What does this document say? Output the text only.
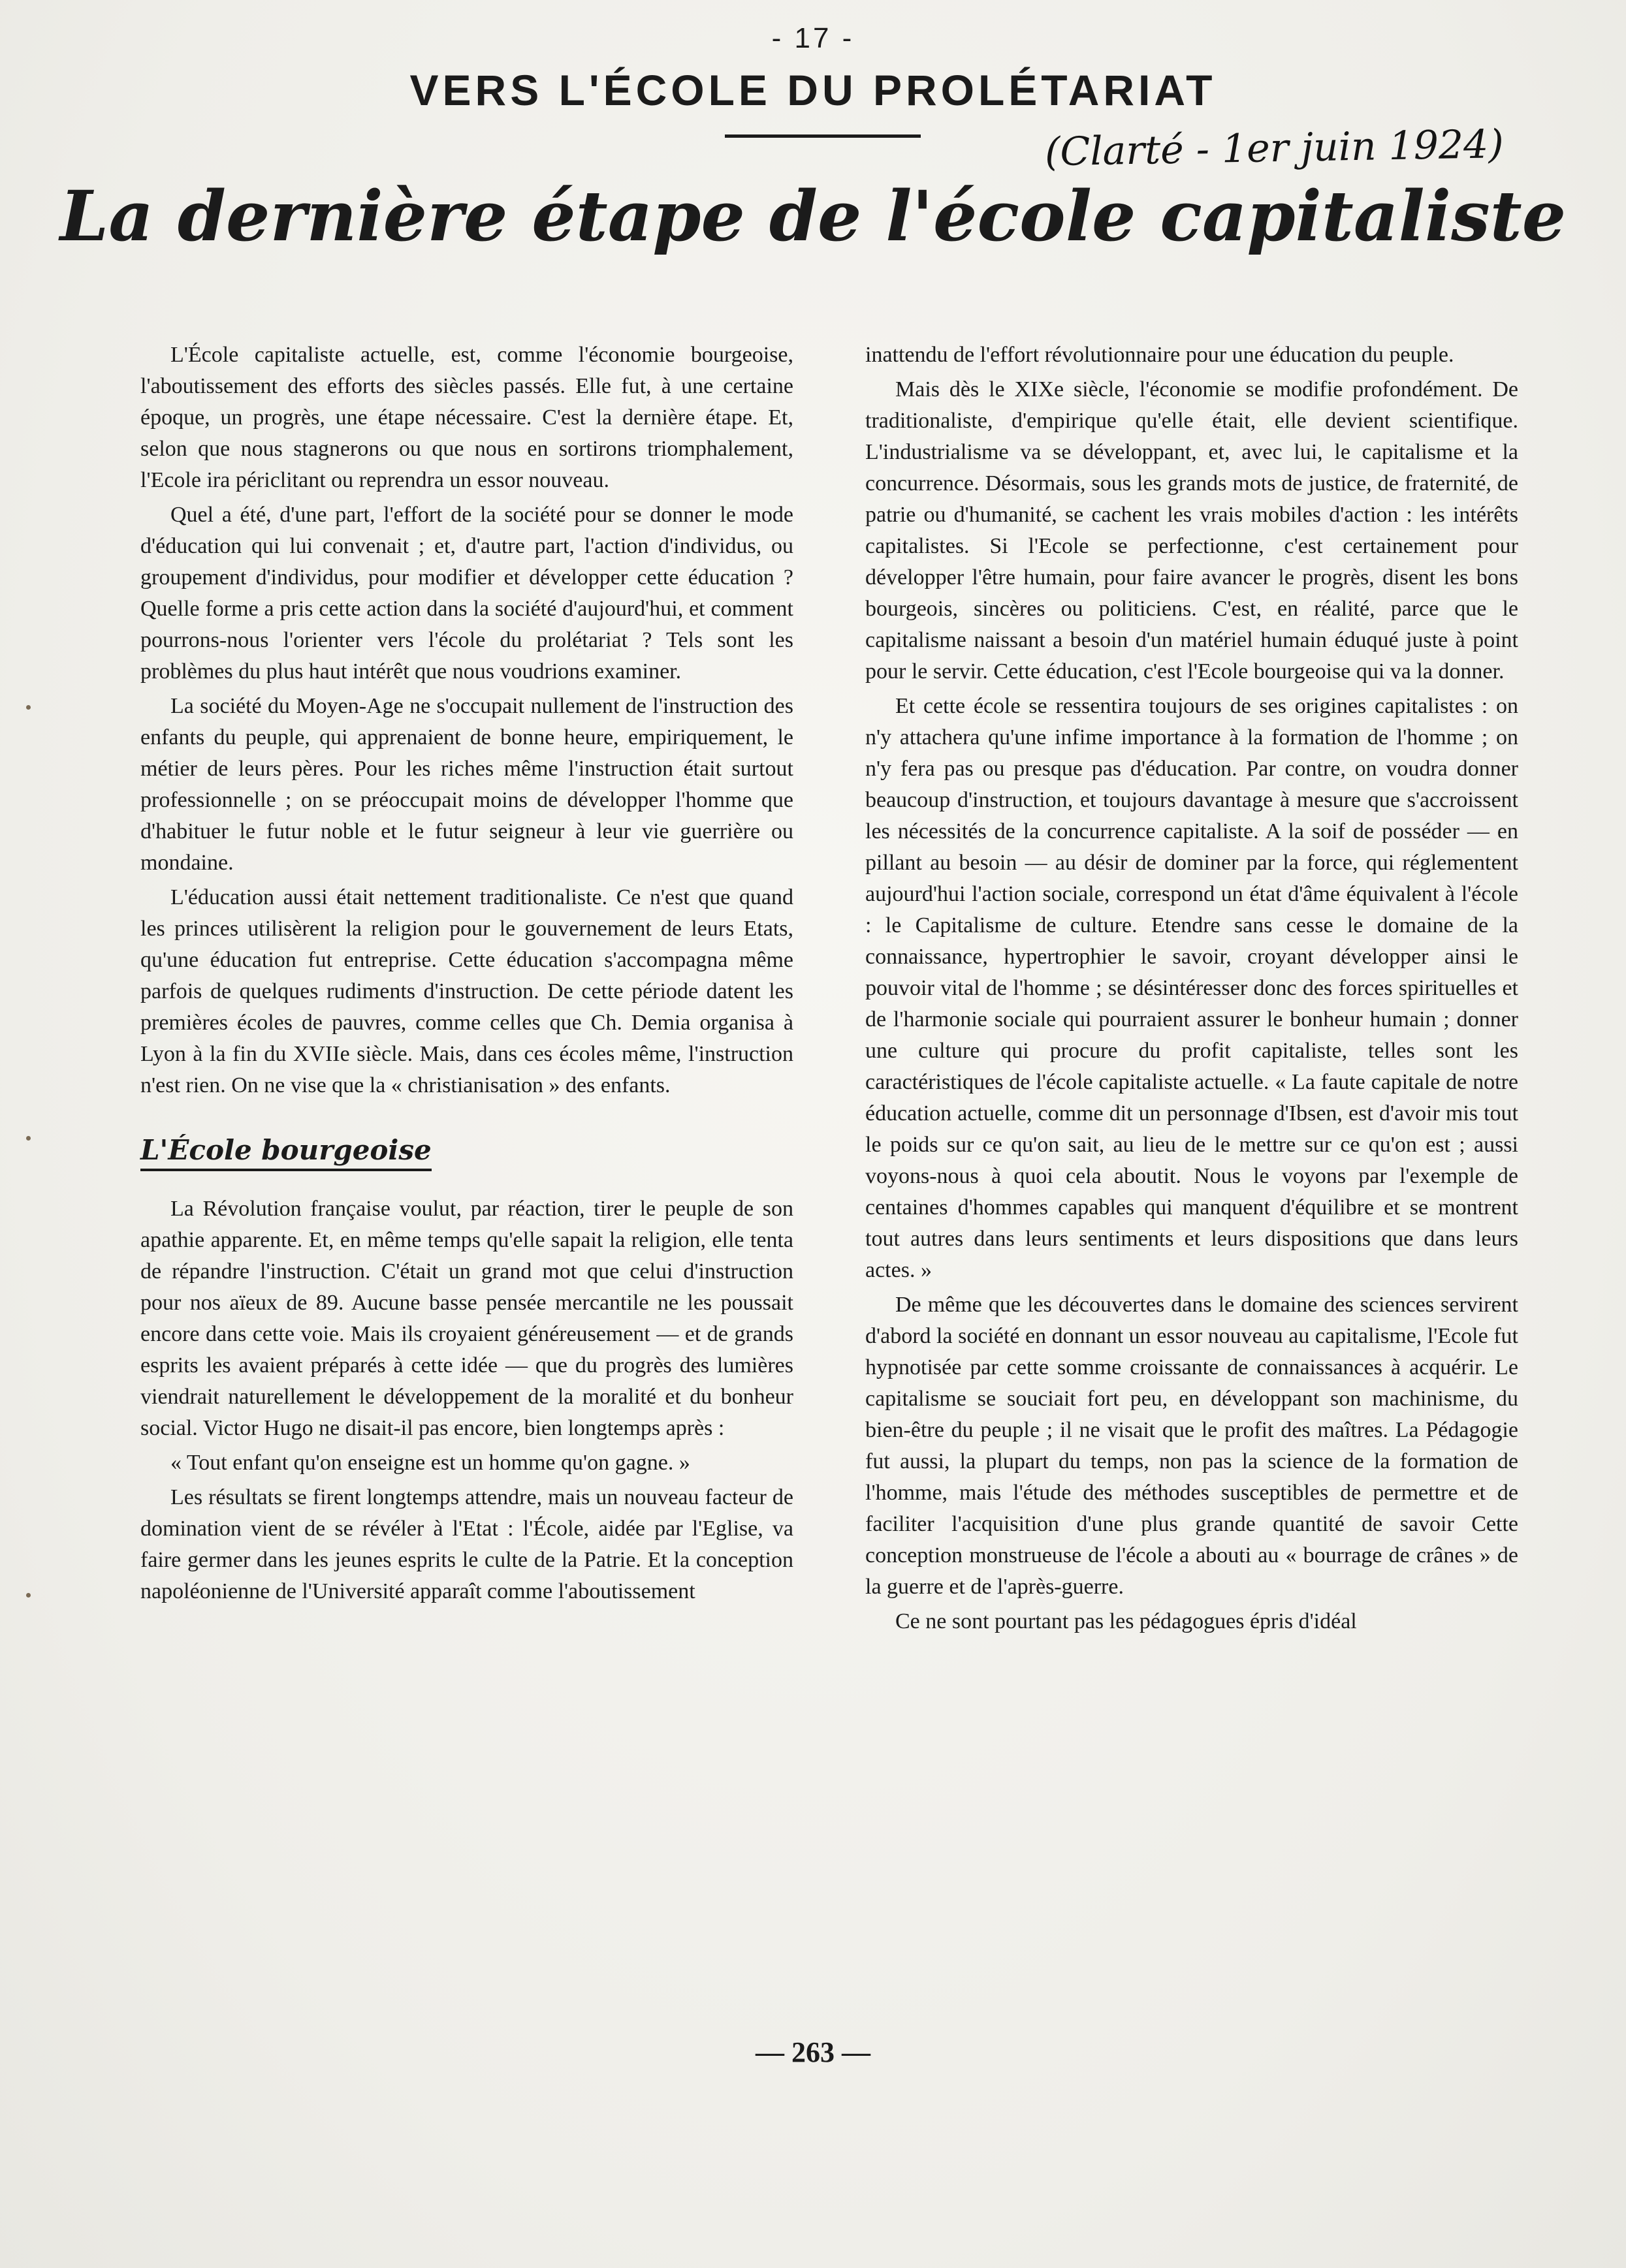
- 17 -
VERS L'ÉCOLE DU PROLÉTARIAT
(Clarté - 1er juin 1924)
La dernière étape de l'école capitaliste

L'École capitaliste actuelle, est, comme l'économie bourgeoise, l'aboutissement des efforts des siècles passés. Elle fut, à une certaine époque, un progrès, une étape nécessaire. C'est la dernière étape. Et, selon que nous stagnerons ou que nous en sortirons triomphalement, l'Ecole ira périclitant ou reprendra un essor nouveau.

Quel a été, d'une part, l'effort de la société pour se donner le mode d'éducation qui lui convenait ; et, d'autre part, l'action d'individus, ou groupement d'individus, pour modifier et développer cette éducation ? Quelle forme a pris cette action dans la société d'aujourd'hui, et comment pourrons-nous l'orienter vers l'école du prolétariat ? Tels sont les problèmes du plus haut intérêt que nous voudrions examiner.

La société du Moyen-Age ne s'occupait nullement de l'instruction des enfants du peuple, qui apprenaient de bonne heure, empiriquement, le métier de leurs pères. Pour les riches même l'instruction était surtout professionnelle ; on se préoccupait moins de développer l'homme que d'habituer le futur noble et le futur seigneur à leur vie guerrière ou mondaine.

L'éducation aussi était nettement traditionaliste. Ce n'est que quand les princes utilisèrent la religion pour le gouvernement de leurs Etats, qu'une éducation fut entreprise. Cette éducation s'accompagna même parfois de quelques rudiments d'instruction. De cette période datent les premières écoles de pauvres, comme celles que Ch. Demia organisa à Lyon à la fin du XVIIe siècle. Mais, dans ces écoles même, l'instruction n'est rien. On ne vise que la « christianisation » des enfants.

L'École bourgeoise

La Révolution française voulut, par réaction, tirer le peuple de son apathie apparente. Et, en même temps qu'elle sapait la religion, elle tenta de répandre l'instruction. C'était un grand mot que celui d'instruction pour nos aïeux de 89. Aucune basse pensée mercantile ne les poussait encore dans cette voie. Mais ils croyaient généreusement — et de grands esprits les avaient préparés à cette idée — que du progrès des lumières viendrait naturellement le développement de la moralité et du bonheur social. Victor Hugo ne disait-il pas encore, bien longtemps après :

« Tout enfant qu'on enseigne est un homme qu'on gagne. »

Les résultats se firent longtemps attendre, mais un nouveau facteur de domination vient de se révéler à l'Etat : l'École, aidée par l'Eglise, va faire germer dans les jeunes esprits le culte de la Patrie. Et la conception napoléonienne de l'Université apparaît comme l'aboutissement

inattendu de l'effort révolutionnaire pour une éducation du peuple.

Mais dès le XIXe siècle, l'économie se modifie profondément. De traditionaliste, d'empirique qu'elle était, elle devient scientifique. L'industrialisme va se développant, et, avec lui, le capitalisme et la concurrence. Désormais, sous les grands mots de justice, de fraternité, de patrie ou d'humanité, se cachent les vrais mobiles d'action : les intérêts capitalistes. Si l'Ecole se perfectionne, c'est certainement pour développer l'être humain, pour faire avancer le progrès, disent les bons bourgeois, sincères ou politiciens. C'est, en réalité, parce que le capitalisme naissant a besoin d'un matériel humain éduqué juste à point pour le servir. Cette éducation, c'est l'Ecole bourgeoise qui va la donner.

Et cette école se ressentira toujours de ses origines capitalistes : on n'y attachera qu'une infime importance à la formation de l'homme ; on n'y fera pas ou presque pas d'éducation. Par contre, on voudra donner beaucoup d'instruction, et toujours davantage à mesure que s'accroissent les nécessités de la concurrence capitaliste. A la soif de posséder — en pillant au besoin — au désir de dominer par la force, qui réglementent aujourd'hui l'action sociale, correspond un état d'âme équivalent à l'école : le Capitalisme de culture. Etendre sans cesse le domaine de la connaissance, hypertrophier le savoir, croyant développer ainsi le pouvoir vital de l'homme ; se désintéresser donc des forces spirituelles et de l'harmonie sociale qui pourraient assurer le bonheur humain ; donner une culture qui procure du profit capitaliste, telles sont les caractéristiques de l'école capitaliste actuelle. « La faute capitale de notre éducation actuelle, comme dit un personnage d'Ibsen, est d'avoir mis tout le poids sur ce qu'on sait, au lieu de le mettre sur ce qu'on est ; aussi voyons-nous à quoi cela aboutit. Nous le voyons par l'exemple de centaines d'hommes capables qui manquent d'équilibre et se montrent tout autres dans leurs sentiments et leurs dispositions que dans leurs actes. »

De même que les découvertes dans le domaine des sciences servirent d'abord la société en donnant un essor nouveau au capitalisme, l'Ecole fut hypnotisée par cette somme croissante de connaissances à acquérir. Le capitalisme se souciait fort peu, en développant son machinisme, du bien-être du peuple ; il ne visait que le profit des maîtres. La Pédagogie fut aussi, la plupart du temps, non pas la science de la formation de l'homme, mais l'étude des méthodes susceptibles de permettre et de faciliter l'acquisition d'une plus grande quantité de savoir Cette conception monstrueuse de l'école a abouti au « bourrage de crânes » de la guerre et de l'après-guerre.

Ce ne sont pourtant pas les pédagogues épris d'idéal

— 263 —
